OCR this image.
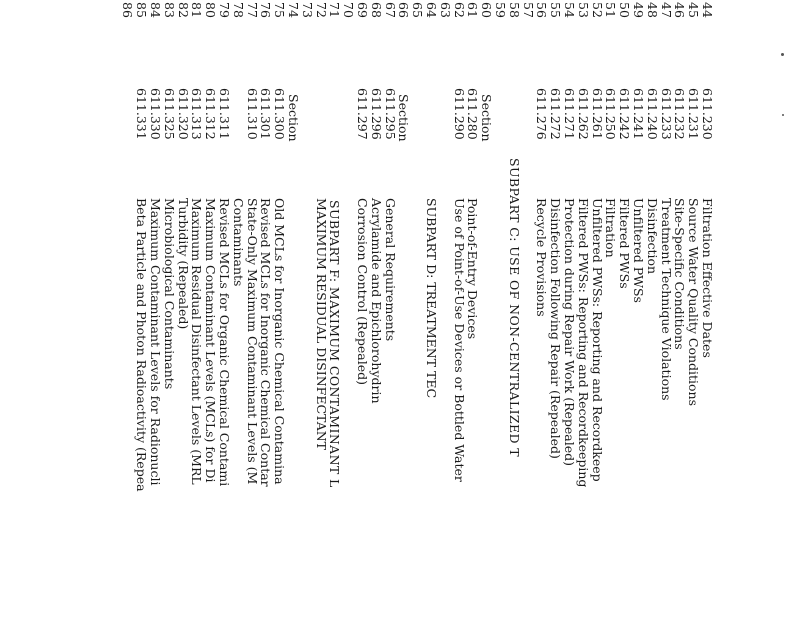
44
611.230
Filtration Effective Dates
45
611.231
Source Water Quality Conditions
46
611.232
Site-Specific Conditions
47
611.233
Treatment Technique Violations
48
611.240
Disinfection
49
611.241
Unfiltered PWSs
50
611.242
Filtered PWSs
51
611.250
Filtration
52
611.261
Unfiltered PWSs: Reporting and Recordkeep
53
611.262
Filtered PWSs: Reporting and Recordkeeping
54
611.271
Protection during Repair Work (Repealed)
55
611.272
Disinfection Following Repair (Repealed)
56
611.276
Recycle Provisions
57
58
SUBPART C: USE OF NON-CENTRALIZED T
59
60
Section
61
611.280
Point-of-Entry Devices
62
611.290
Use of Point-of-Use Devices or Bottled Water
63
64
SUBPART D: TREATMENT TEC
65
66
Section
67
611.295
General Requirements
68
611.296
Acrylamide and Epichlorohydrin
69
611.297
Corrosion Control (Repealed)
70
71
SUBPART F: MAXIMUM CONTAMINANT L
72
MAXIMUM RESIDUAL DISINFECTANT
73
74
Section
75
611.300
Old MCLs for Inorganic Chemical Contamina
76
611.301
Revised MCLs for Inorganic Chemical Contar
77
611.310
State-Only Maximum Contaminant Levels (M
78
Contaminants
79
611.311
Revised MCLs for Organic Chemical Contami
80
611.312
Maximum Contaminant Levels (MCLs) for Di
81
611.313
Maximum Residual Disinfectant Levels (MRL
82
611.320
Turbidity (Repealed)
83
611.325
Microbiological Contaminants
84
611.330
Maximum Contaminant Levels for Radionucli
85
611.331
Beta Particle and Photon Radioactivity (Repea
86
